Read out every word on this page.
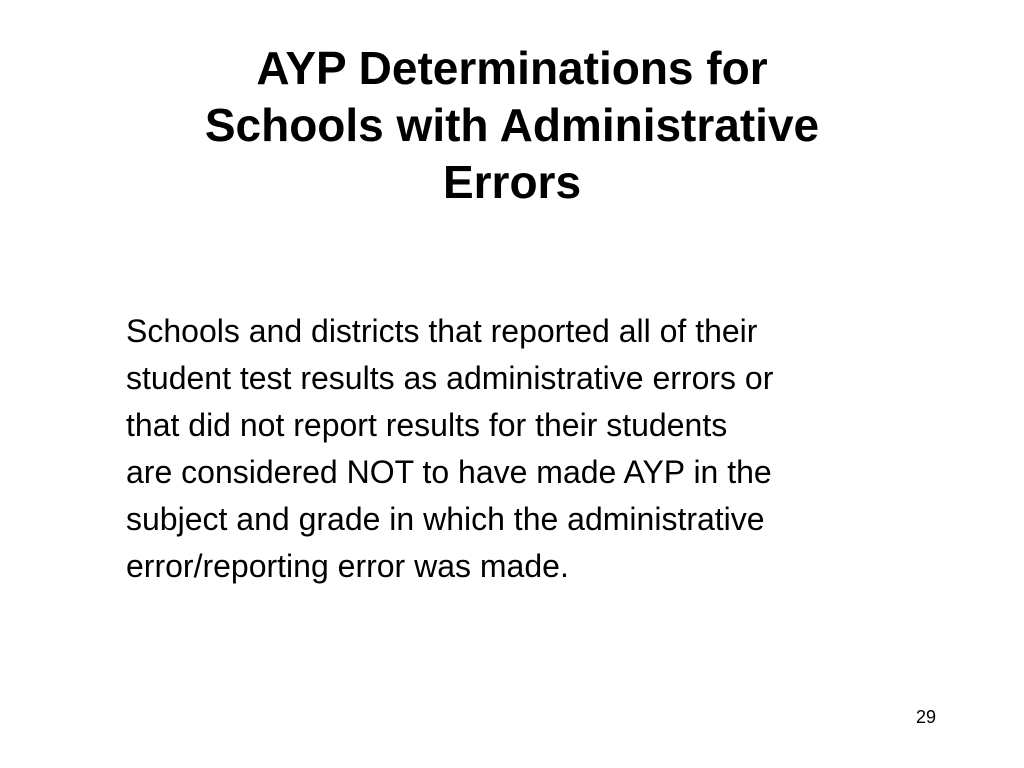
AYP Determinations for
Schools with Administrative
Errors

Schools and districts that reported all of their
student test results as administrative errors or
that did not report results for their students
are considered NOT to have made AYP in the
subject and grade in which the administrative
error/reporting error was made.

29
